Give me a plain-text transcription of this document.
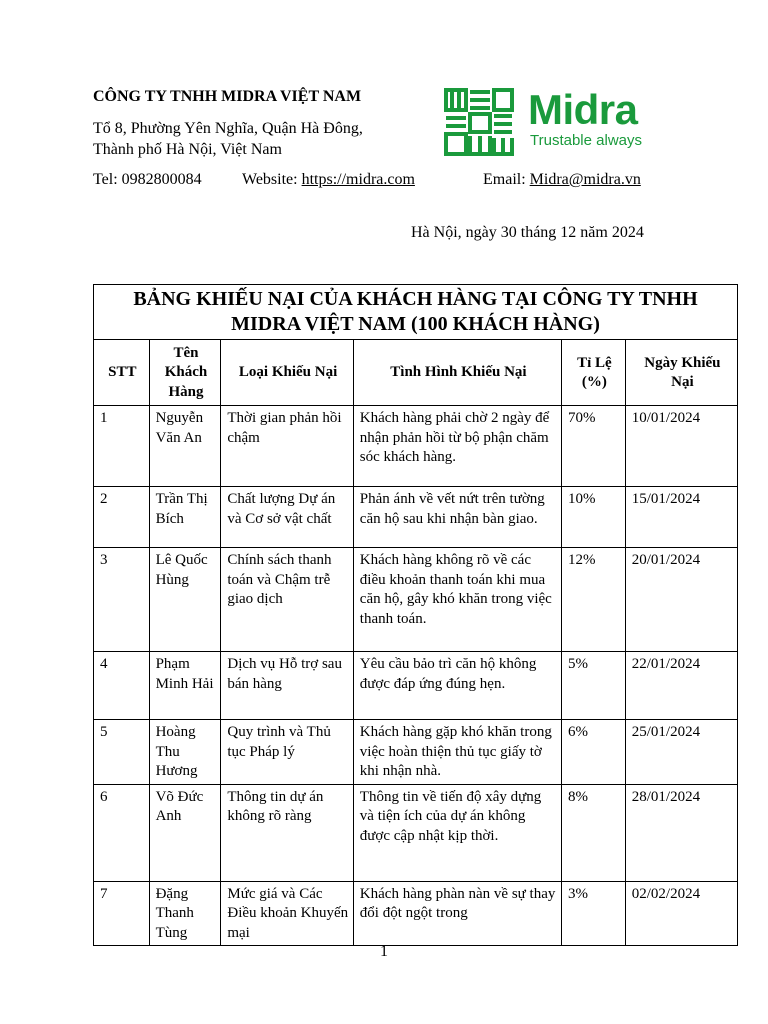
CÔNG TY TNHH MIDRA VIỆT NAM
Tổ 8, Phường Yên Nghĩa, Quận Hà Đông,
Thành phố Hà Nội, Việt Nam
Tel: 0982800084	Website: https://midra.com	Email: Midra@midra.vn
Midra
Trustable always
Hà Nội, ngày 30 tháng 12 năm 2024
BẢNG KHIẾU NẠI CỦA KHÁCH HÀNG TẠI CÔNG TY TNHH MIDRA VIỆT NAM (100 KHÁCH HÀNG)					
STT	Tên Khách Hàng	Loại Khiếu Nại	Tình Hình Khiếu Nại	Tỉ Lệ (%)	Ngày Khiếu Nại
1	Nguyễn Văn An	Thời gian phản hồi chậm	Khách hàng phải chờ 2 ngày để nhận phản hồi từ bộ phận chăm sóc khách hàng.	70%	10/01/2024
2	Trần Thị Bích	Chất lượng Dự án và Cơ sở vật chất	Phản ánh về vết nứt trên tường căn hộ sau khi nhận bàn giao.	10%	15/01/2024
3	Lê Quốc Hùng	Chính sách thanh toán và Chậm trễ giao dịch	Khách hàng không rõ về các điều khoản thanh toán khi mua căn hộ, gây khó khăn trong việc thanh toán.	12%	20/01/2024
4	Phạm Minh Hải	Dịch vụ Hỗ trợ sau bán hàng	Yêu cầu bảo trì căn hộ không được đáp ứng đúng hẹn.	5%	22/01/2024
5	Hoàng Thu Hương	Quy trình và Thủ tục Pháp lý	Khách hàng gặp khó khăn trong việc hoàn thiện thủ tục giấy tờ khi nhận nhà.	6%	25/01/2024
6	Võ Đức Anh	Thông tin dự án không rõ ràng	Thông tin về tiến độ xây dựng và tiện ích của dự án không được cập nhật kịp thời.	8%	28/01/2024
7	Đặng Thanh Tùng	Mức giá và Các Điều khoản Khuyến mại	Khách hàng phàn nàn về sự thay đổi đột ngột trong	3%	02/02/2024
1
